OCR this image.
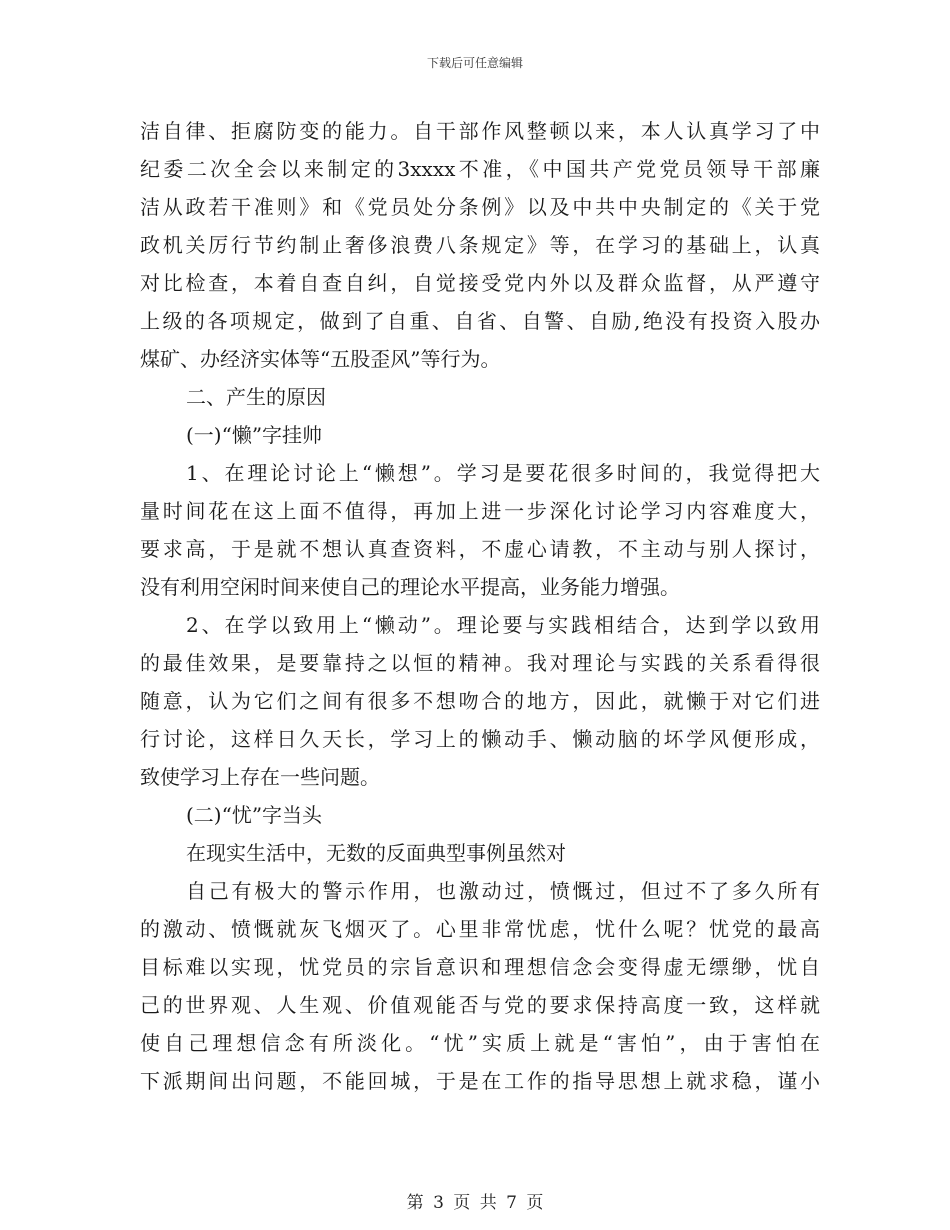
下载后可任意编辑
洁自律、拒腐防变的能力。自干部作风整顿以来，本人认真学习了中
纪委二次全会以来制定的3xxxx不准，《中国共产党党员领导干部廉
洁从政若干准则》和《党员处分条例》以及中共中央制定的《关于党
政机关厉行节约制止奢侈浪费八条规定》等，在学习的基础上，认真
对比检查，本着自查自纠，自觉接受党内外以及群众监督，从严遵守
上级的各项规定，做到了自重、自省、自警、自励,绝没有投资入股办
煤矿、办经济实体等“五股歪风”等行为。
二、产生的原因
(一)“懒”字挂帅
1、在理论讨论上“懒想”。学习是要花很多时间的，我觉得把大
量时间花在这上面不值得，再加上进一步深化讨论学习内容难度大，
要求高，于是就不想认真查资料，不虚心请教，不主动与别人探讨，
没有利用空闲时间来使自己的理论水平提高，业务能力增强。
2、在学以致用上“懒动”。理论要与实践相结合，达到学以致用
的最佳效果，是要靠持之以恒的精神。我对理论与实践的关系看得很
随意，认为它们之间有很多不想吻合的地方，因此，就懒于对它们进
行讨论，这样日久天长，学习上的懒动手、懒动脑的坏学风便形成，
致使学习上存在一些问题。
(二)“忧”字当头
在现实生活中，无数的反面典型事例虽然对
自己有极大的警示作用，也激动过，愤慨过，但过不了多久所有
的激动、愤慨就灰飞烟灭了。心里非常忧虑，忧什么呢？忧党的最高
目标难以实现，忧党员的宗旨意识和理想信念会变得虚无缥缈，忧自
己的世界观、人生观、价值观能否与党的要求保持高度一致，这样就
使自己理想信念有所淡化。“忧”实质上就是“害怕”，由于害怕在
下派期间出问题，不能回城，于是在工作的指导思想上就求稳，谨小
第 3 页 共 7 页
